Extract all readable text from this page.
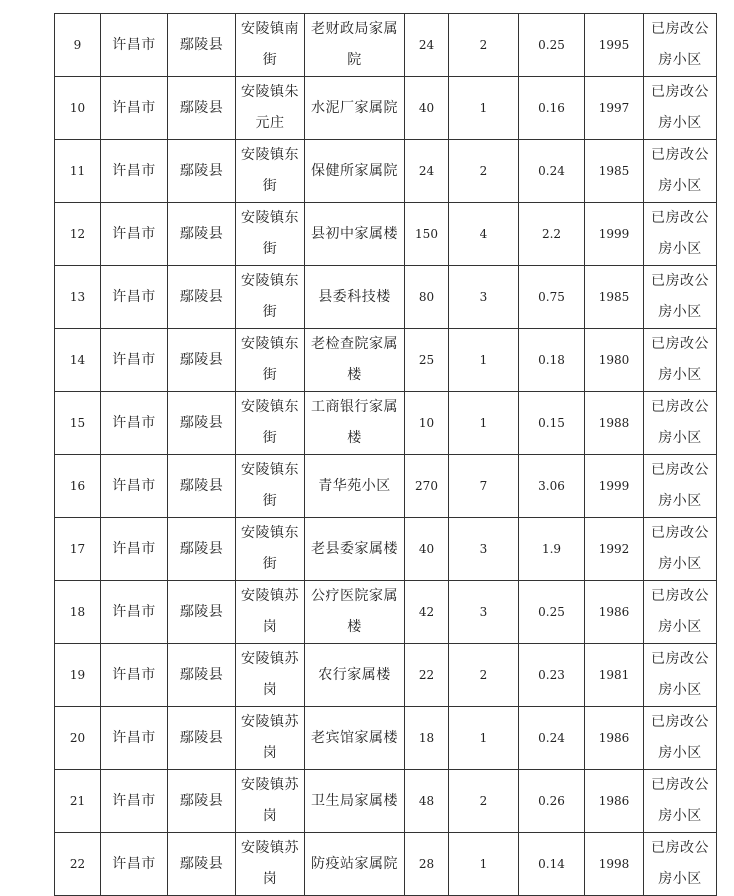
9	许昌市	鄢陵县	安陵镇南街	老财政局家属院	24	2	0.25	1995	已房改公房小区
10	许昌市	鄢陵县	安陵镇朱元庄	水泥厂家属院	40	1	0.16	1997	已房改公房小区
11	许昌市	鄢陵县	安陵镇东街	保健所家属院	24	2	0.24	1985	已房改公房小区
12	许昌市	鄢陵县	安陵镇东街	县初中家属楼	150	4	2.2	1999	已房改公房小区
13	许昌市	鄢陵县	安陵镇东街	县委科技楼	80	3	0.75	1985	已房改公房小区
14	许昌市	鄢陵县	安陵镇东街	老检查院家属楼	25	1	0.18	1980	已房改公房小区
15	许昌市	鄢陵县	安陵镇东街	工商银行家属楼	10	1	0.15	1988	已房改公房小区
16	许昌市	鄢陵县	安陵镇东街	青华苑小区	270	7	3.06	1999	已房改公房小区
17	许昌市	鄢陵县	安陵镇东街	老县委家属楼	40	3	1.9	1992	已房改公房小区
18	许昌市	鄢陵县	安陵镇苏岗	公疗医院家属楼	42	3	0.25	1986	已房改公房小区
19	许昌市	鄢陵县	安陵镇苏岗	农行家属楼	22	2	0.23	1981	已房改公房小区
20	许昌市	鄢陵县	安陵镇苏岗	老宾馆家属楼	18	1	0.24	1986	已房改公房小区
21	许昌市	鄢陵县	安陵镇苏岗	卫生局家属楼	48	2	0.26	1986	已房改公房小区
22	许昌市	鄢陵县	安陵镇苏岗	防疫站家属院	28	1	0.14	1998	已房改公房小区
